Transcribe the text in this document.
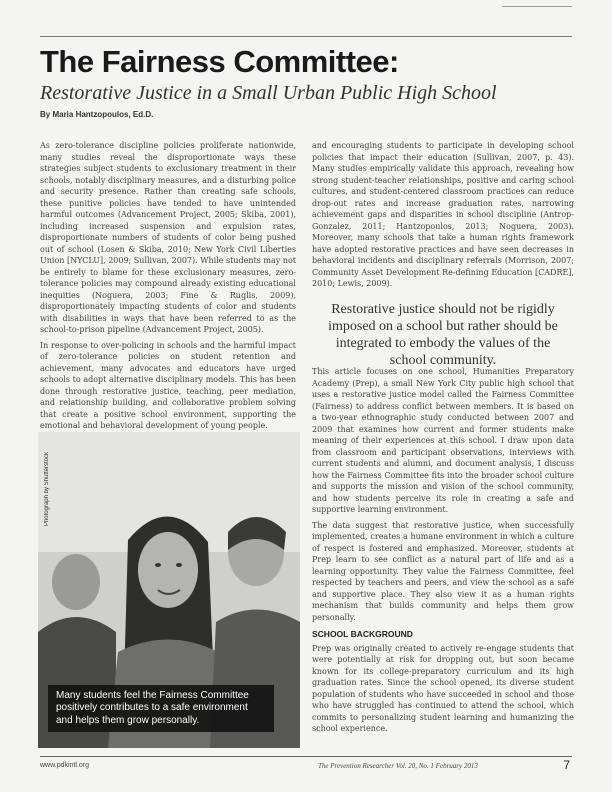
The Fairness Committee:

Restorative Justice in a Small Urban Public High School

By Maria Hantzopoulos, Ed.D.

As zero-tolerance discipline policies proliferate nationwide, many studies reveal the disproportionate ways these strategies subject students to exclusionary treatment in their schools, notably disciplinary measures, and a disturbing police and security presence. Rather than creating safe schools, these punitive policies have tended to have unintended harmful outcomes (Advancement Project, 2005; Skiba, 2001), including increased suspension and expulsion rates, disproportionate numbers of students of color being pushed out of school (Losen & Skiba, 2010; New York Civil Liberties Union [NYCLU], 2009; Sullivan, 2007). While students may not be entirely to blame for these exclusionary measures, zero-tolerance policies may compound already existing educational inequities (Noguera, 2003; Fine & Ruglis, 2009), disproportionately impacting students of color and students with disabilities in ways that have been referred to as the school-to-prison pipeline (Advancement Project, 2005).

In response to over-policing in schools and the harmful impact of zero-tolerance policies on student retention and achievement, many advocates and educators have urged schools to adopt alternative disciplinary models. This has been done through restorative justice, teaching, peer mediation, and relationship building, and collaborative problem solving that create a positive school environment, supporting the emotional and behavioral development of young people.

and encouraging students to participate in developing school policies that impact their education (Sullivan, 2007, p. 43). Many studies empirically validate this approach, revealing how strong student-teacher relationships, positive and caring school cultures, and student-centered classroom practices can reduce drop-out rates and increase graduation rates, narrowing achievement gaps and disparities in school discipline (Antrop-Gonzalez, 2011; Hantzopoulos, 2013; Noguera, 2003). Moreover, many schools that take a human rights framework have adopted restorative practices and have seen decreases in behavioral incidents and disciplinary referrals (Morrison, 2007; Community Asset Development Re-defining Education [CADRE], 2010; Lewis, 2009).

Restorative justice should not be rigidly imposed on a school but rather should be integrated to embody the values of the school community.

This article focuses on one school, Humanities Preparatory Academy (Prep), a small New York City public high school that uses a restorative justice model called the Fairness Committee (Fairness) to address conflict between members. It is based on a two-year ethnographic study conducted between 2007 and 2009 that examines how current and former students make meaning of their experiences at this school. I draw upon data from classroom and participant observations, interviews with current students and alumni, and document analysis, I discuss how the Fairness Committee fits into the broader school culture and supports the mission and vision of the school community, and how students perceive its role in creating a safe and supportive learning environment.

The data suggest that restorative justice, when successfully implemented, creates a humane environment in which a culture of respect is fostered and emphasized. Moreover, students at Prep learn to see conflict as a natural part of life and as a learning opportunity. They value the Fairness Committee, feel respected by teachers and peers, and view the school as a safe and supportive place. They also view it as a human rights mechanism that builds community and helps them grow personally.

SCHOOL BACKGROUND

Prep was originally created to actively re-engage students that were potentially at risk for dropping out, but soon became known for its college-preparatory curriculum and its high graduation rates. Since the school opened, its diverse student population of students who have succeeded in school and those who have struggled has continued to attend the school, which commits to personalizing student learning and humanizing the school experience.

Photograph by Shutterstock
Many students feel the Fairness Committee positively contributes to a safe environment and helps them grow personally.
www.pdkintl.org	The Prevention Researcher Vol. 20, No. 1 February 2013	7
